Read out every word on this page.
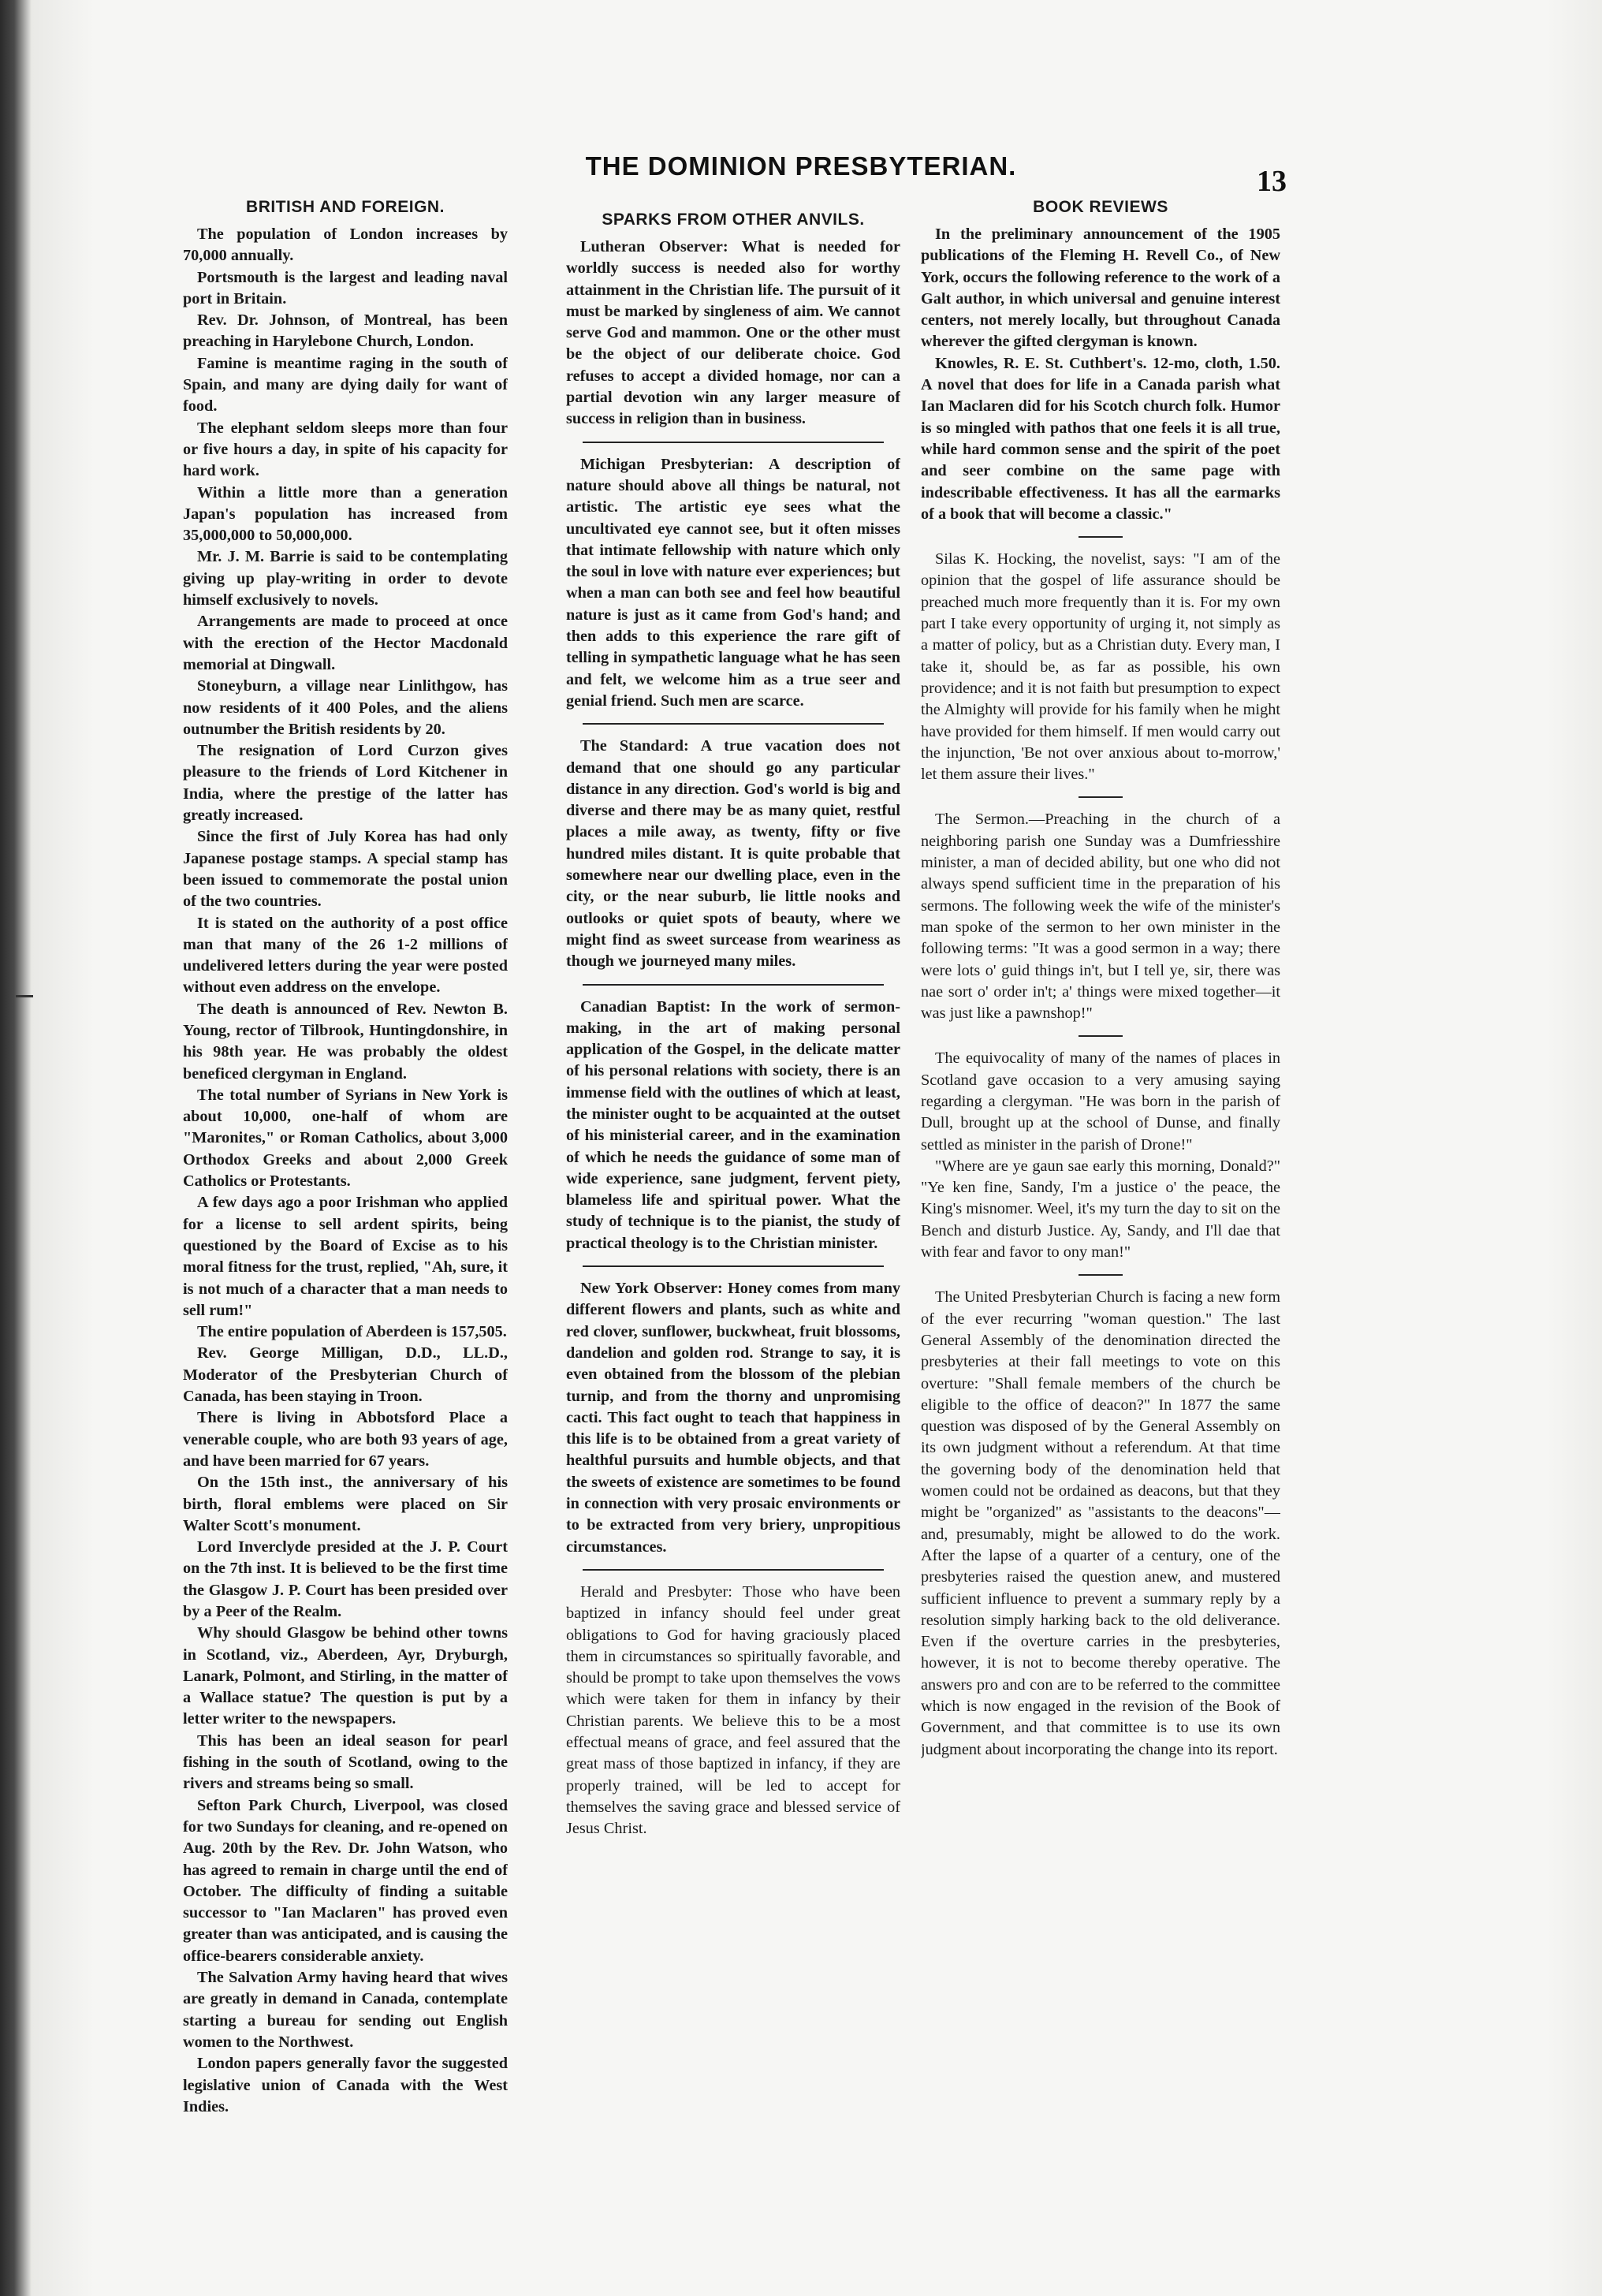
THE DOMINION PRESBYTERIAN.	13
BRITISH AND FOREIGN.

The population of London increases by 70,000 annually.

Portsmouth is the largest and leading naval port in Britain.

Rev. Dr. Johnson, of Montreal, has been preaching in Harylebone Church, London.

Famine is meantime raging in the south of Spain, and many are dying daily for want of food.

The elephant seldom sleeps more than four or five hours a day, in spite of his capacity for hard work.

Within a little more than a generation Japan's population has increased from 35,000,000 to 50,000,000.

Mr. J. M. Barrie is said to be contemplating giving up play-writing in order to devote himself exclusively to novels.

Arrangements are made to proceed at once with the erection of the Hector Macdonald memorial at Dingwall.

Stoneyburn, a village near Linlithgow, has now residents of it 400 Poles, and the aliens outnumber the British residents by 20.

The resignation of Lord Curzon gives pleasure to the friends of Lord Kitchener in India, where the prestige of the latter has greatly increased.

Since the first of July Korea has had only Japanese postage stamps. A special stamp has been issued to commemorate the postal union of the two countries.

It is stated on the authority of a post office man that many of the 26 1-2 millions of undelivered letters during the year were posted without even address on the envelope.

The death is announced of Rev. Newton B. Young, rector of Tilbrook, Huntingdonshire, in his 98th year. He was probably the oldest beneficed clergyman in England.

The total number of Syrians in New York is about 10,000, one-half of whom are "Maronites," or Roman Catholics, about 3,000 Orthodox Greeks and about 2,000 Greek Catholics or Protestants.

A few days ago a poor Irishman who applied for a license to sell ardent spirits, being questioned by the Board of Excise as to his moral fitness for the trust, replied, "Ah, sure, it is not much of a character that a man needs to sell rum!"

The entire population of Aberdeen is 157,505.

Rev. George Milligan, D.D., LL.D., Moderator of the Presbyterian Church of Canada, has been staying in Troon.

There is living in Abbotsford Place a venerable couple, who are both 93 years of age, and have been married for 67 years.

On the 15th inst., the anniversary of his birth, floral emblems were placed on Sir Walter Scott's monument.

Lord Inverclyde presided at the J. P. Court on the 7th inst. It is believed to be the first time the Glasgow J. P. Court has been presided over by a Peer of the Realm.

Why should Glasgow be behind other towns in Scotland, viz., Aberdeen, Ayr, Dryburgh, Lanark, Polmont, and Stirling, in the matter of a Wallace statue? The question is put by a letter writer to the newspapers.

This has been an ideal season for pearl fishing in the south of Scotland, owing to the rivers and streams being so small.

Sefton Park Church, Liverpool, was closed for two Sundays for cleaning, and re-opened on Aug. 20th by the Rev. Dr. John Watson, who has agreed to remain in charge until the end of October. The difficulty of finding a suitable successor to "Ian Maclaren" has proved even greater than was anticipated, and is causing the office-bearers considerable anxiety.

The Salvation Army having heard that wives are greatly in demand in Canada, contemplate starting a bureau for sending out English women to the Northwest.

London papers generally favor the suggested legislative union of Canada with the West Indies.

SPARKS FROM OTHER ANVILS.

Lutheran Observer: What is needed for worldly success is needed also for worthy attainment in the Christian life. The pursuit of it must be marked by singleness of aim. We cannot serve God and mammon. One or the other must be the object of our deliberate choice. God refuses to accept a divided homage, nor can a partial devotion win any larger measure of success in religion than in business.

Michigan Presbyterian: A description of nature should above all things be natural, not artistic. The artistic eye sees what the uncultivated eye cannot see, but it often misses that intimate fellowship with nature which only the soul in love with nature ever experiences; but when a man can both see and feel how beautiful nature is just as it came from God's hand; and then adds to this experience the rare gift of telling in sympathetic language what he has seen and felt, we welcome him as a true seer and genial friend. Such men are scarce.

The Standard: A true vacation does not demand that one should go any particular distance in any direction. God's world is big and diverse and there may be as many quiet, restful places a mile away, as twenty, fifty or five hundred miles distant. It is quite probable that somewhere near our dwelling place, even in the city, or the near suburb, lie little nooks and outlooks or quiet spots of beauty, where we might find as sweet surcease from weariness as though we journeyed many miles.

Canadian Baptist: In the work of sermon-making, in the art of making personal application of the Gospel, in the delicate matter of his personal relations with society, there is an immense field with the outlines of which at least, the minister ought to be acquainted at the outset of his ministerial career, and in the examination of which he needs the guidance of some man of wide experience, sane judgment, fervent piety, blameless life and spiritual power. What the study of technique is to the pianist, the study of practical theology is to the Christian minister.

New York Observer: Honey comes from many different flowers and plants, such as white and red clover, sunflower, buckwheat, fruit blossoms, dandelion and golden rod. Strange to say, it is even obtained from the blossom of the plebian turnip, and from the thorny and unpromising cacti. This fact ought to teach that happiness in this life is to be obtained from a great variety of healthful pursuits and humble objects, and that the sweets of existence are sometimes to be found in connection with very prosaic environments or to be extracted from very briery, unpropitious circumstances.

Herald and Presbyter: Those who have been baptized in infancy should feel under great obligations to God for having graciously placed them in circumstances so spiritually favorable, and should be prompt to take upon themselves the vows which were taken for them in infancy by their Christian parents. We believe this to be a most effectual means of grace, and feel assured that the great mass of those baptized in infancy, if they are properly trained, will be led to accept for themselves the saving grace and blessed service of Jesus Christ.

BOOK REVIEWS

In the preliminary announcement of the 1905 publications of the Fleming H. Revell Co., of New York, occurs the following reference to the work of a Galt author, in which universal and genuine interest centers, not merely locally, but throughout Canada wherever the gifted clergyman is known.

Knowles, R. E. St. Cuthbert's. 12-mo, cloth, 1.50. A novel that does for life in a Canada parish what Ian Maclaren did for his Scotch church folk. Humor is so mingled with pathos that one feels it is all true, while hard common sense and the spirit of the poet and seer combine on the same page with indescribable effectiveness. It has all the earmarks of a book that will become a classic."

Silas K. Hocking, the novelist, says: "I am of the opinion that the gospel of life assurance should be preached much more frequently than it is. For my own part I take every opportunity of urging it, not simply as a matter of policy, but as a Christian duty. Every man, I take it, should be, as far as possible, his own providence; and it is not faith but presumption to expect the Almighty will provide for his family when he might have provided for them himself. If men would carry out the injunction, 'Be not over anxious about to-morrow,' let them assure their lives."

The Sermon.—Preaching in the church of a neighboring parish one Sunday was a Dumfriesshire minister, a man of decided ability, but one who did not always spend sufficient time in the preparation of his sermons. The following week the wife of the minister's man spoke of the sermon to her own minister in the following terms: "It was a good sermon in a way; there were lots o' guid things in't, but I tell ye, sir, there was nae sort o' order in't; a' things were mixed together—it was just like a pawnshop!"

The equivocality of many of the names of places in Scotland gave occasion to a very amusing saying regarding a clergyman. "He was born in the parish of Dull, brought up at the school of Dunse, and finally settled as minister in the parish of Drone!"

"Where are ye gaun sae early this morning, Donald?" "Ye ken fine, Sandy, I'm a justice o' the peace, the King's misnomer. Weel, it's my turn the day to sit on the Bench and disturb Justice. Ay, Sandy, and I'll dae that with fear and favor to ony man!"

The United Presbyterian Church is facing a new form of the ever recurring "woman question." The last General Assembly of the denomination directed the presbyteries at their fall meetings to vote on this overture: "Shall female members of the church be eligible to the office of deacon?" In 1877 the same question was disposed of by the General Assembly on its own judgment without a referendum. At that time the governing body of the denomination held that women could not be ordained as deacons, but that they might be "organized" as "assistants to the deacons"—and, presumably, might be allowed to do the work. After the lapse of a quarter of a century, one of the presbyteries raised the question anew, and mustered sufficient influence to prevent a summary reply by a resolution simply harking back to the old deliverance. Even if the overture carries in the presbyteries, however, it is not to become thereby operative. The answers pro and con are to be referred to the committee which is now engaged in the revision of the Book of Government, and that committee is to use its own judgment about incorporating the change into its report.
